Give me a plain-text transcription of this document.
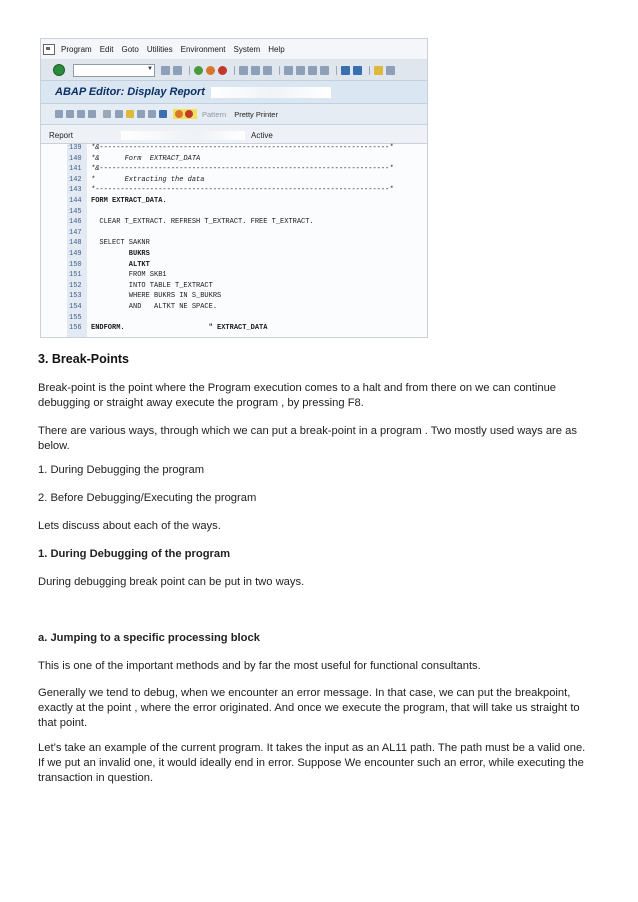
Program Edit Goto Utilities Environment System Help
▼
ABAP Editor: Display Report
Pattern Pretty Printer
Report	Active
139	*&---------------------------------------------------------------------*
140	*&      Form  EXTRACT_DATA
141	*&---------------------------------------------------------------------*
142	*       Extracting the data
143	*----------------------------------------------------------------------*
144	FORM EXTRACT_DATA.
145
146	CLEAR T_EXTRACT. REFRESH T_EXTRACT. FREE T_EXTRACT.
147
148	SELECT SAKNR
149	BUKRS
150	ALTKT
151	FROM SKB1
152	INTO TABLE T_EXTRACT
153	WHERE BUKRS IN S_BUKRS
154	AND   ALTKT NE SPACE.
155
156	ENDFORM.                    " EXTRACT_DATA
3. Break-Points
Break-point is the point where the Program execution comes to a halt and from there on we can continue debugging or straight away execute the program , by pressing F8.
There are various ways, through which we can put a break-point in a program . Two mostly used ways are as below.
1. During Debugging the program
2. Before Debugging/Executing the program
Lets discuss about each of the ways.
1. During Debugging of the program
During debugging break point can be put in two ways.
a. Jumping to a specific processing block
This is one of the important methods and by far the most useful for functional consultants.
Generally we tend to debug, when we encounter an error message. In that case, we can put the breakpoint, exactly at the point , where the error originated. And once we execute the program, that will take us straight to that point.
Let’s take an example of the current program. It takes the input as an AL11 path. The path must be a valid one. If we put an invalid one, it would ideally end in error. Suppose We encounter such an error, while executing the transaction in question.
